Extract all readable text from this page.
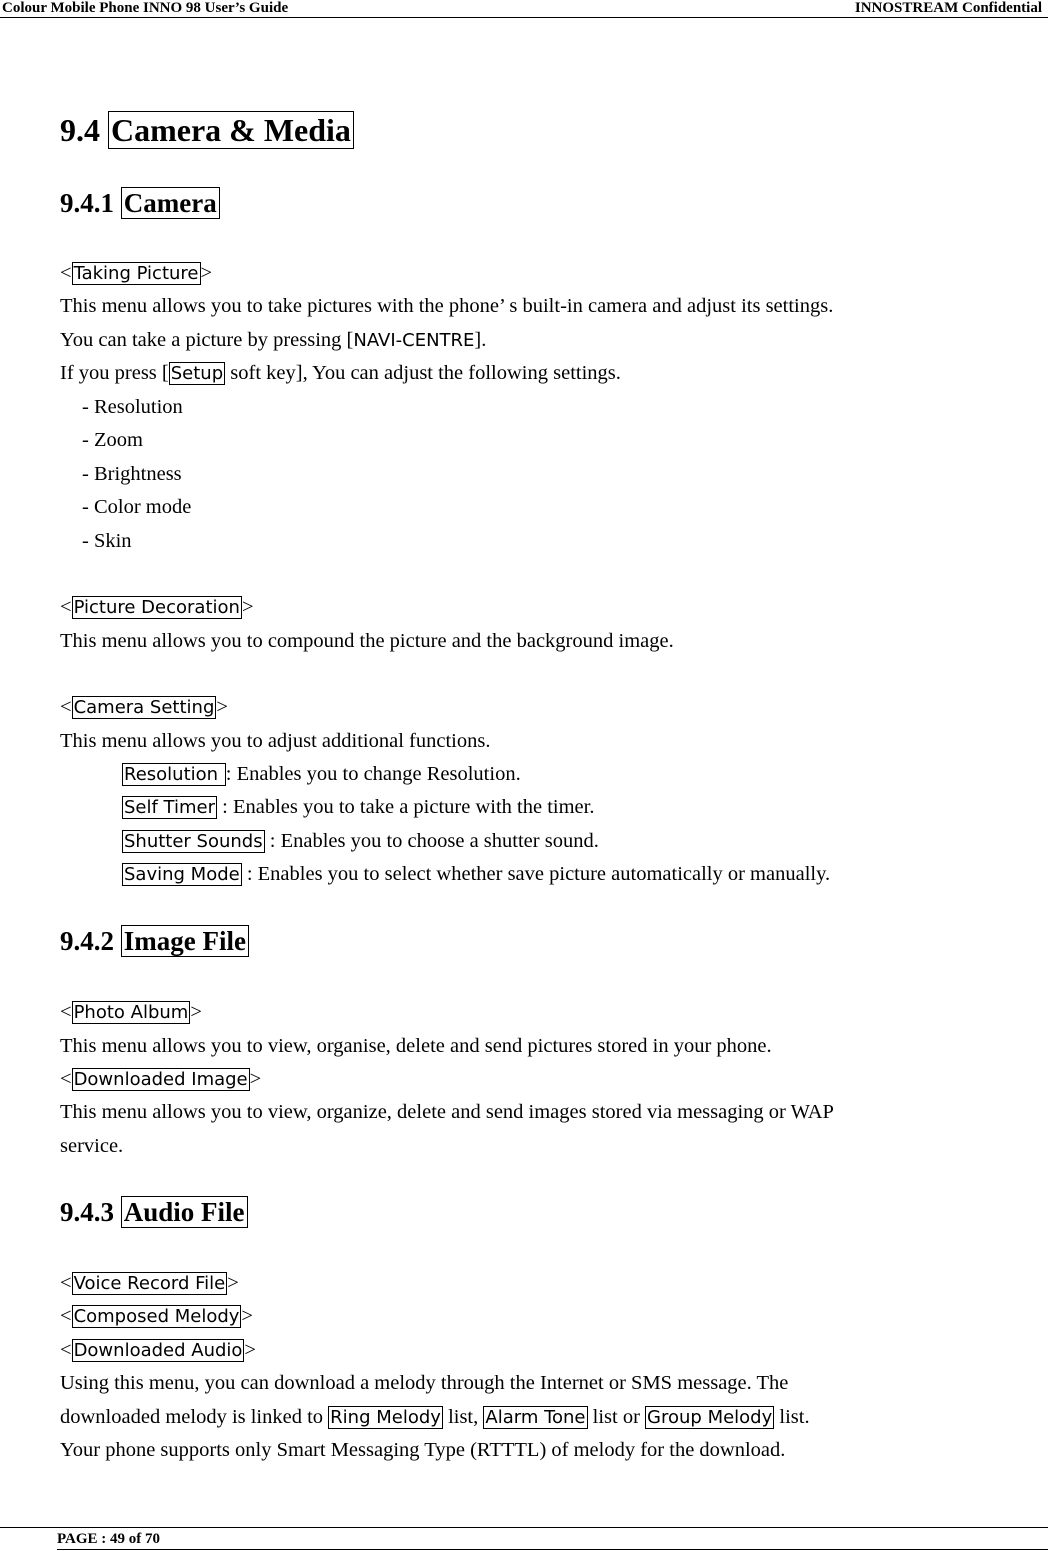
Colour Mobile Phone INNO 98 User’s Guide	INNOSTREAM Confidential
9.4 Camera & Media
9.4.1 Camera
< Taking Picture>
This menu allows you to take pictures with the phone’ s built-in camera and adjust its settings.
You can take a picture by pressing [NAVI-CENTRE].
If you press [ Setup soft key], You can adjust the following settings.
- Resolution
- Zoom
- Brightness
- Color mode
- Skin
< Picture Decoration>
This menu allows you to compound the picture and the background image.
< Camera Setting>
This menu allows you to adjust additional functions.
Resolution : Enables you to change Resolution.
Self Timer : Enables you to take a picture with the timer.
Shutter Sounds : Enables you to choose a shutter sound.
Saving Mode : Enables you to select whether save picture automatically or manually.
9.4.2 Image File
< Photo Album>
This menu allows you to view, organise, delete and send pictures stored in your phone.
< Downloaded Image>
This menu allows you to view, organize, delete and send images stored via messaging or WAP
service.
9.4.3 Audio File
< Voice Record File>
< Composed Melody>
< Downloaded Audio>
Using this menu, you can download a melody through the Internet or SMS message. The
downloaded melody is linked to Ring Melody list, Alarm Tone list or Group Melody list.
Your phone supports only Smart Messaging Type (RTTTL) of melody for the download.
PAGE : 49 of 70
